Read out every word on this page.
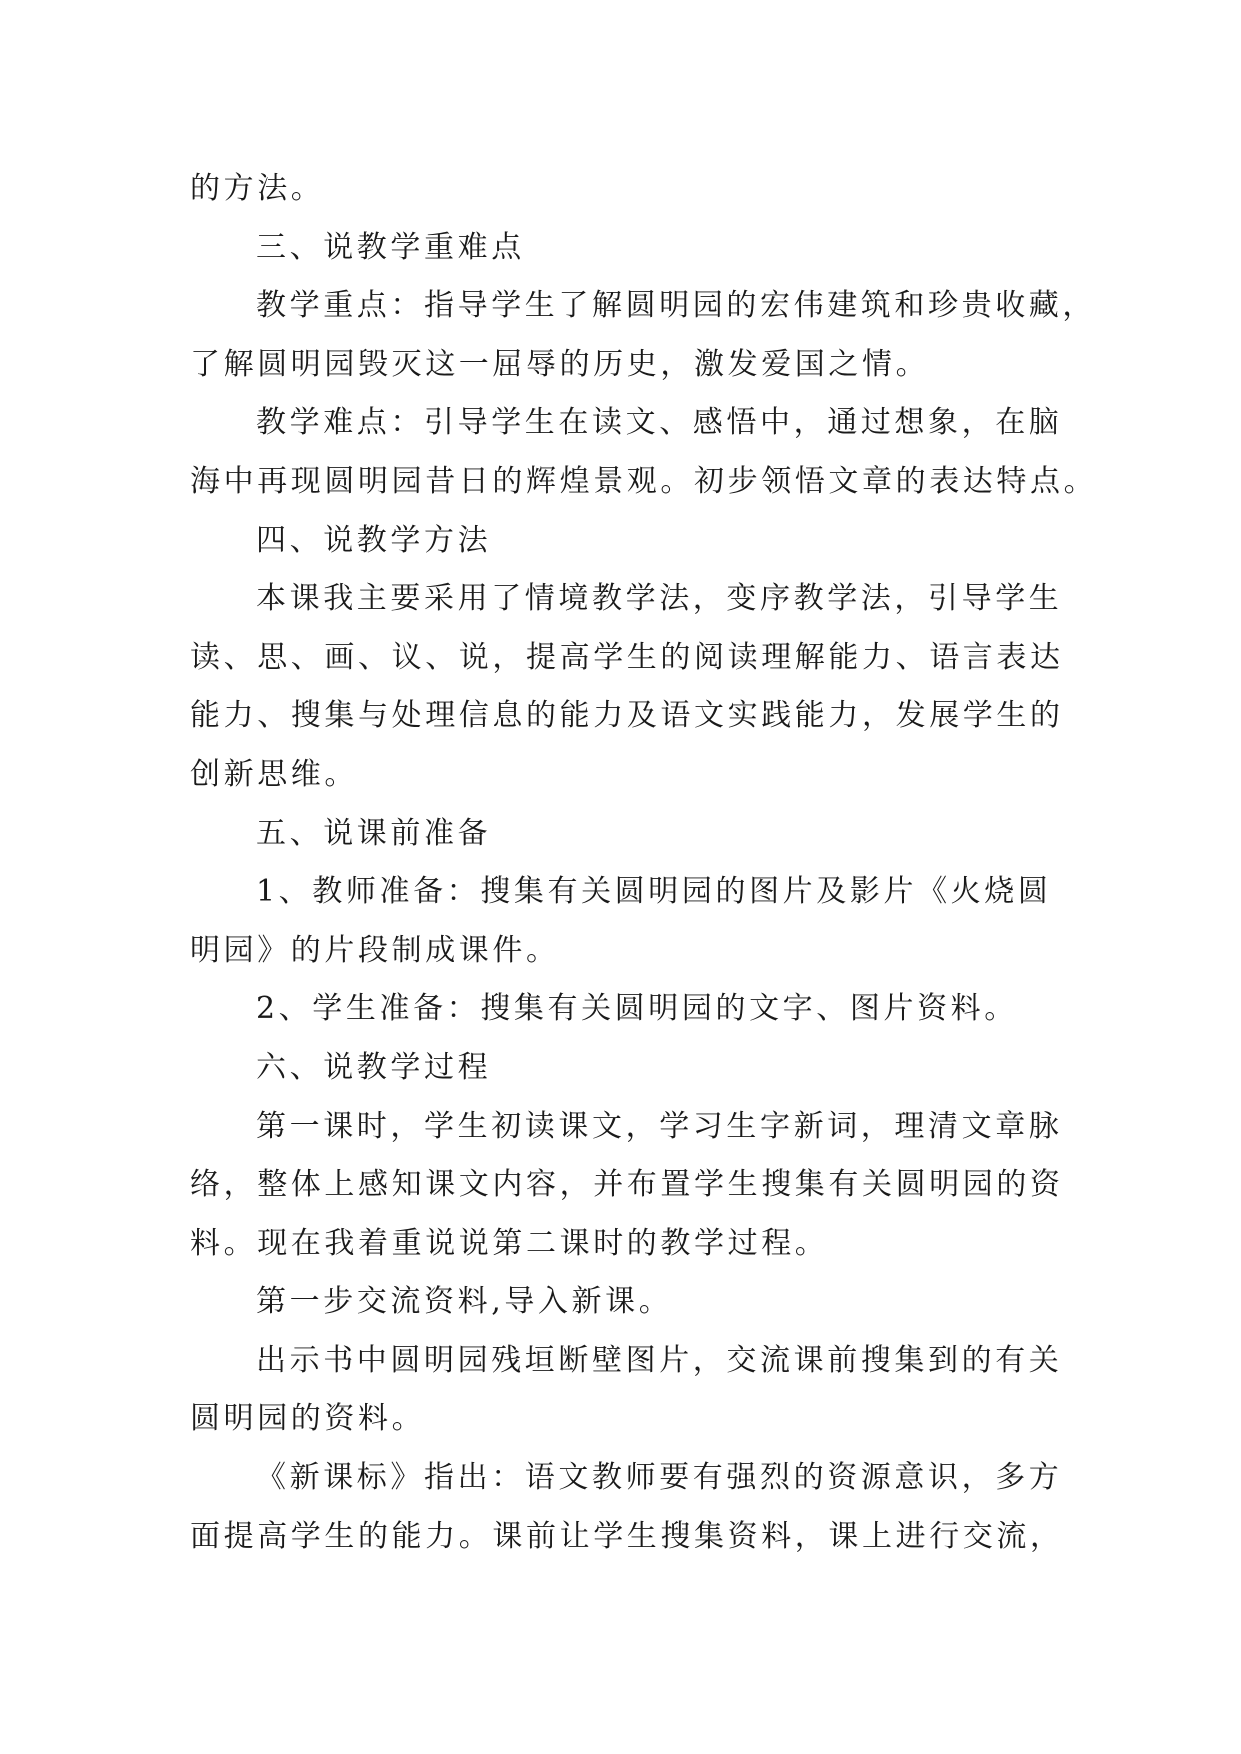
的方法。
三、说教学重难点
教学重点：指导学生了解圆明园的宏伟建筑和珍贵收藏，
了解圆明园毁灭这一屈辱的历史，激发爱国之情。
教学难点：引导学生在读文、感悟中，通过想象，在脑
海中再现圆明园昔日的辉煌景观。初步领悟文章的表达特点。
四、说教学方法
本课我主要采用了情境教学法，变序教学法，引导学生
读、思、画、议、说，提高学生的阅读理解能力、语言表达
能力、搜集与处理信息的能力及语文实践能力，发展学生的
创新思维。
五、说课前准备
1、教师准备：搜集有关圆明园的图片及影片《火烧圆
明园》的片段制成课件。
2、学生准备：搜集有关圆明园的文字、图片资料。
六、说教学过程
第一课时，学生初读课文，学习生字新词，理清文章脉
络，整体上感知课文内容，并布置学生搜集有关圆明园的资
料。现在我着重说说第二课时的教学过程。
第一步交流资料,导入新课。
出示书中圆明园残垣断壁图片，交流课前搜集到的有关
圆明园的资料。
《新课标》指出：语文教师要有强烈的资源意识，多方
面提高学生的能力。课前让学生搜集资料，课上进行交流，
